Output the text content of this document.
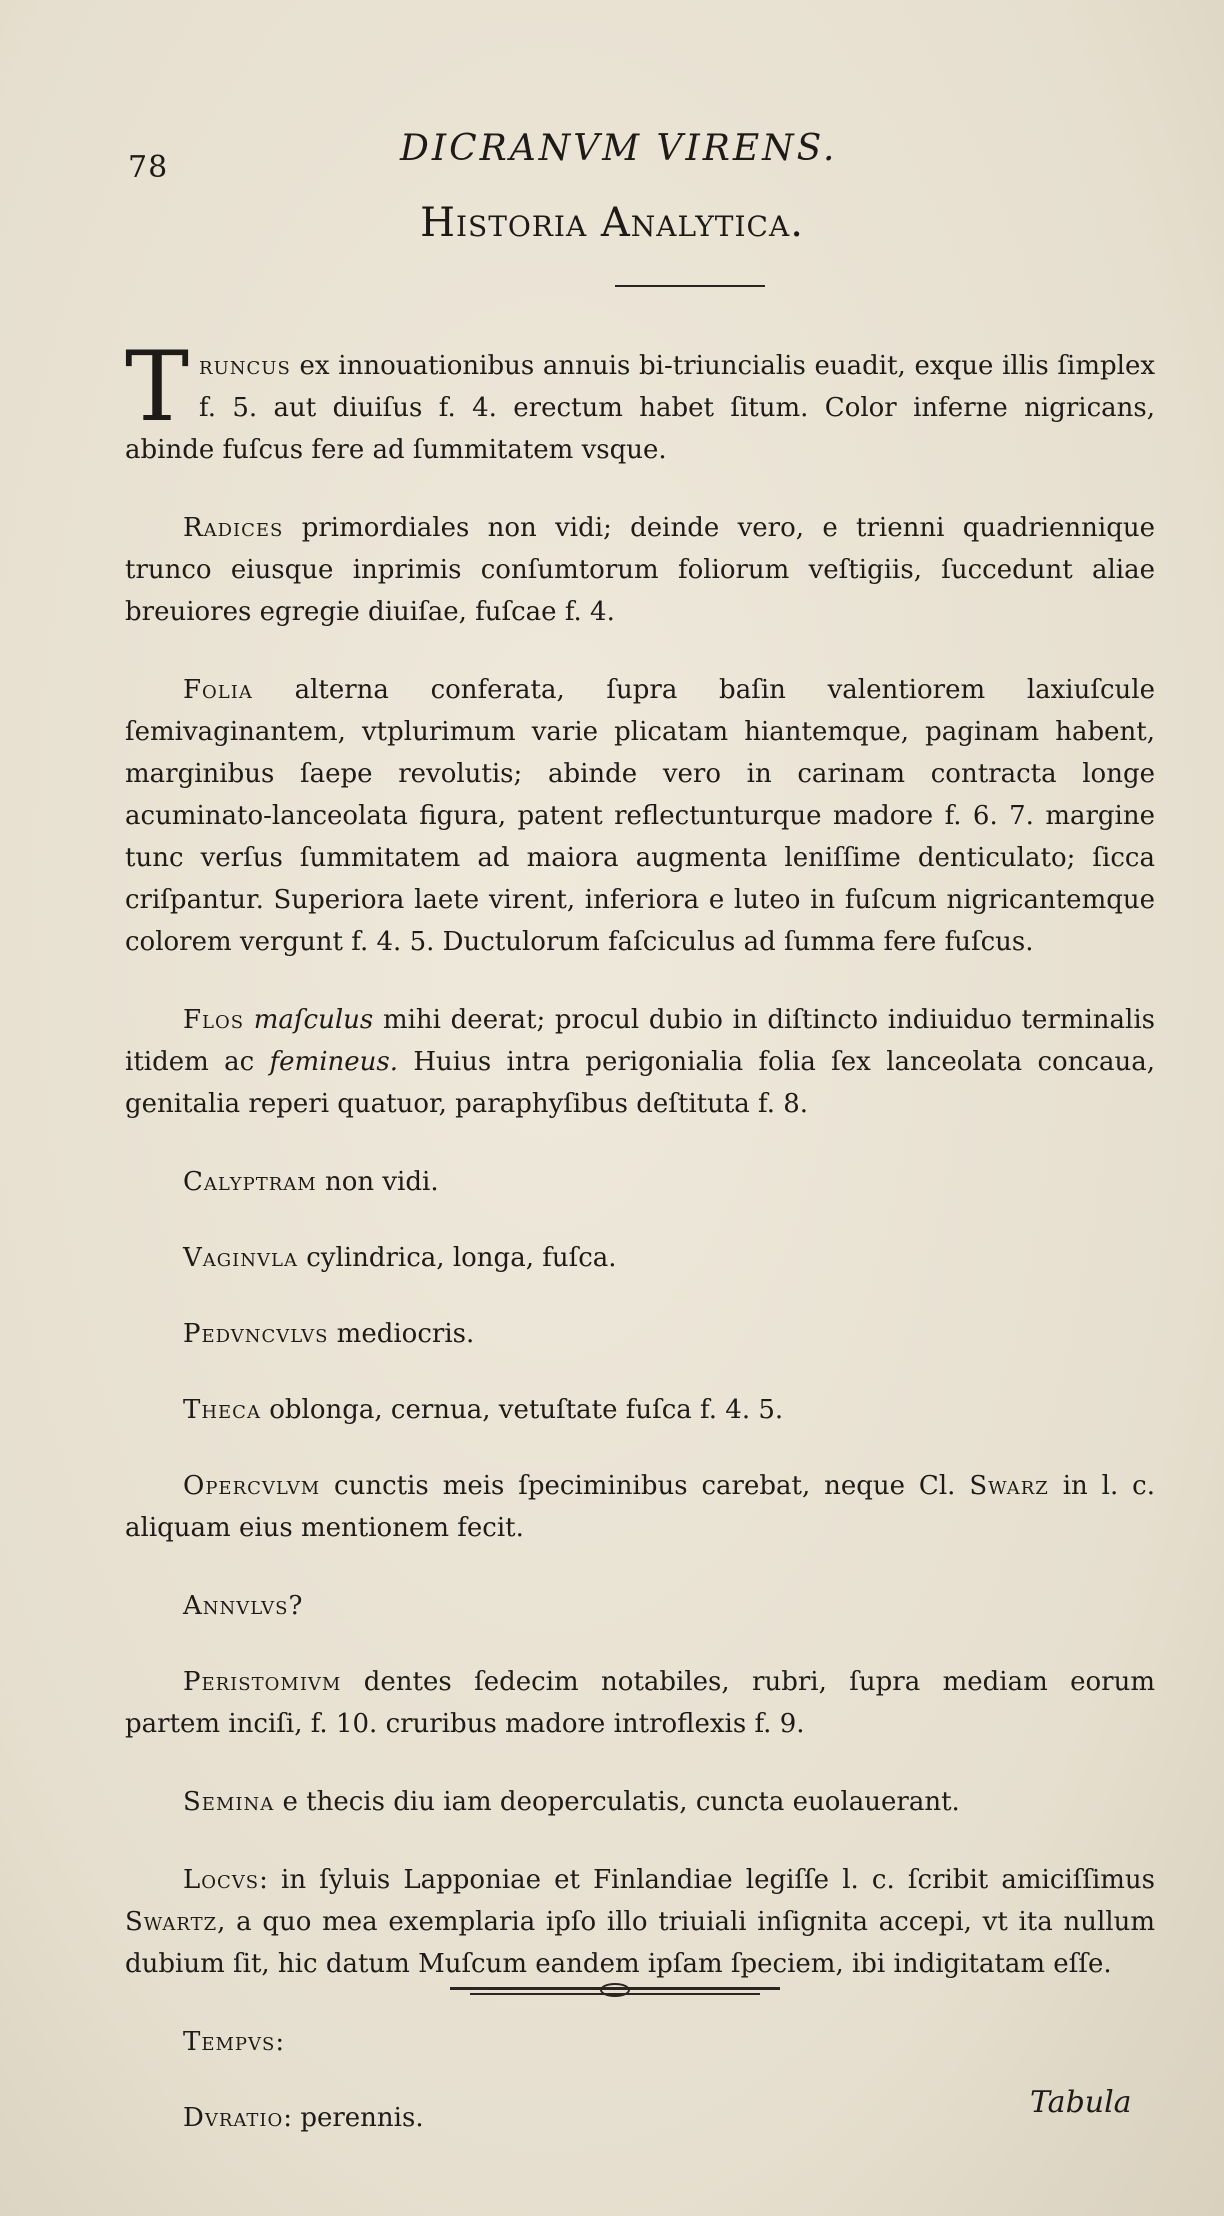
78	DICRANVM VIRENS.
Historia Analytica.

Truncus ex innouationibus annuis bi-triuncialis euadit, exque illis ſimplex f. 5. aut diuiſus f. 4. erectum habet ſitum. Color inferne nigricans, abinde fuſcus fere ad ſummitatem vsque.

Radices primordiales non vidi; deinde vero, e trienni quadriennique trunco eiusque inprimis conſumtorum foliorum veſtigiis, ſuccedunt aliae breuiores egregie diuiſae, fuſcae f. 4.

Folia alterna conferata, ſupra baſin valentiorem laxiuſcule ſemivaginantem, vtplurimum varie plicatam hiantemque, paginam habent, marginibus ſaepe revolutis; abinde vero in carinam contracta longe acuminato-lanceolata figura, patent reflectunturque madore f. 6. 7. margine tunc verſus ſummitatem ad maiora augmenta leniſſime denticulato; ſicca criſpantur. Superiora laete virent, inferiora e luteo in fuſcum nigricantemque colorem vergunt f. 4. 5. Ductulorum faſciculus ad ſumma fere fuſcus.

Flos maſculus mihi deerat; procul dubio in diſtincto indiuiduo terminalis itidem ac femineus. Huius intra perigonialia folia ſex lanceolata concaua, genitalia reperi quatuor, paraphyſibus deſtituta f. 8.

Calyptram non vidi.

Vaginvla cylindrica, longa, fuſca.

Pedvncvlvs mediocris.

Theca oblonga, cernua, vetuſtate fuſca f. 4. 5.

Opercvlvm cunctis meis ſpeciminibus carebat, neque Cl. Swarz in l. c. aliquam eius mentionem fecit.

Annvlvs?

Peristomivm dentes ſedecim notabiles, rubri, ſupra mediam eorum partem inciſi, f. 10. cruribus madore introflexis f. 9.

Semina e thecis diu iam deoperculatis, cuncta euolauerant.

Locvs: in ſyluis Lapponiae et Finlandiae legiſſe l. c. ſcribit amiciſſimus Swartz, a quo mea exemplaria ipſo illo triuiali inſignita accepi, vt ita nullum dubium ſit, hic datum Muſcum eandem ipſam ſpeciem, ibi indigitatam eſſe.

Tempvs:

Dvratio: perennis.	Tabula
